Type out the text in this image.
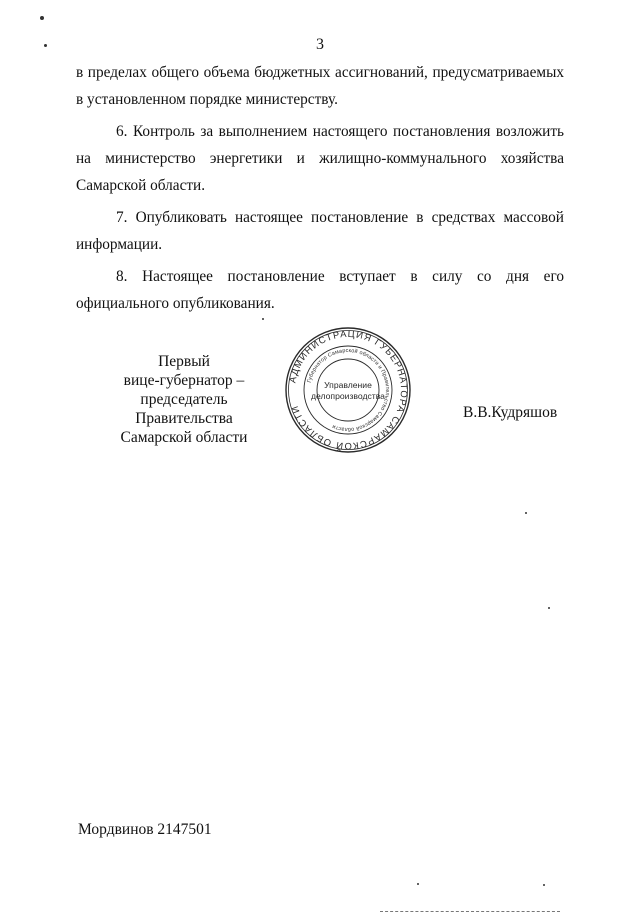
3

в пределах общего объема бюджетных ассигнований, предусматриваемых в установленном порядке министерству.

6. Контроль за выполнением настоящего постановления возложить на министерство энергетики и жилищно-коммунального хозяйства Самарской области.

7. Опубликовать настоящее постановление в средствах массовой информации.

8. Настоящее постановление вступает в силу со дня его официального опубликования.

Первый
вице-губернатор –
председатель Правительства
Самарской области
АДМИНИСТРАЦИЯ ГУБЕРНАТОРА САМАРСКОЙ ОБЛАСТИ
Губернатор Самарской области и Правительство Самарской области
Управление
делопроизводства
В.В.Кудряшов
Мордвинов 2147501
